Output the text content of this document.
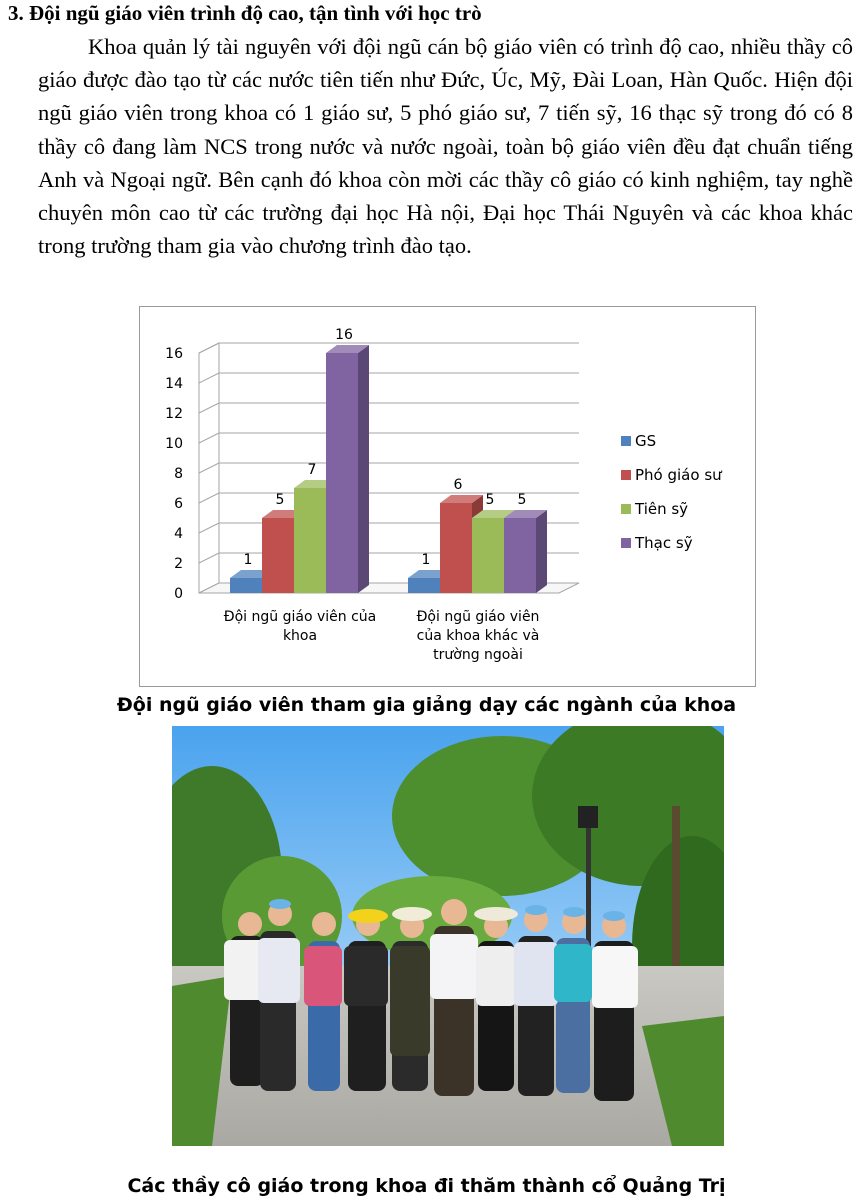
3. Đội ngũ giáo viên trình độ cao, tận tình với học trò
Khoa quản lý tài nguyên với đội ngũ cán bộ giáo viên có trình độ cao, nhiều thầy cô giáo được đào tạo từ các nước tiên tiến như Đức, Úc, Mỹ, Đài Loan, Hàn Quốc. Hiện đội ngũ giáo viên trong khoa có 1 giáo sư, 5 phó giáo sư, 7 tiến sỹ, 16 thạc sỹ trong đó có 8 thầy cô đang làm NCS trong nước và nước ngoài, toàn bộ giáo viên đều đạt chuẩn tiếng Anh và Ngoại ngữ. Bên cạnh đó khoa còn mời các thầy cô giáo có kinh nghiệm, tay nghề chuyên môn cao từ các trường đại học Hà nội, Đại học Thái Nguyên và các khoa khác trong trường tham gia vào chương trình đào tạo.
0
2
4
6
8
10
12
14
16
1	1
5
6
7
5
16
5
Đội ngũ giáo viên của
khoa
Đội ngũ giáo viên
của khoa khác và
trường ngoài
GS
Phó giáo sư
Tiên sỹ
Thạc sỹ
Đội ngũ giáo viên tham gia giảng dạy các ngành của khoa
Các thầy cô giáo trong khoa đi thăm thành cổ Quảng Trị
